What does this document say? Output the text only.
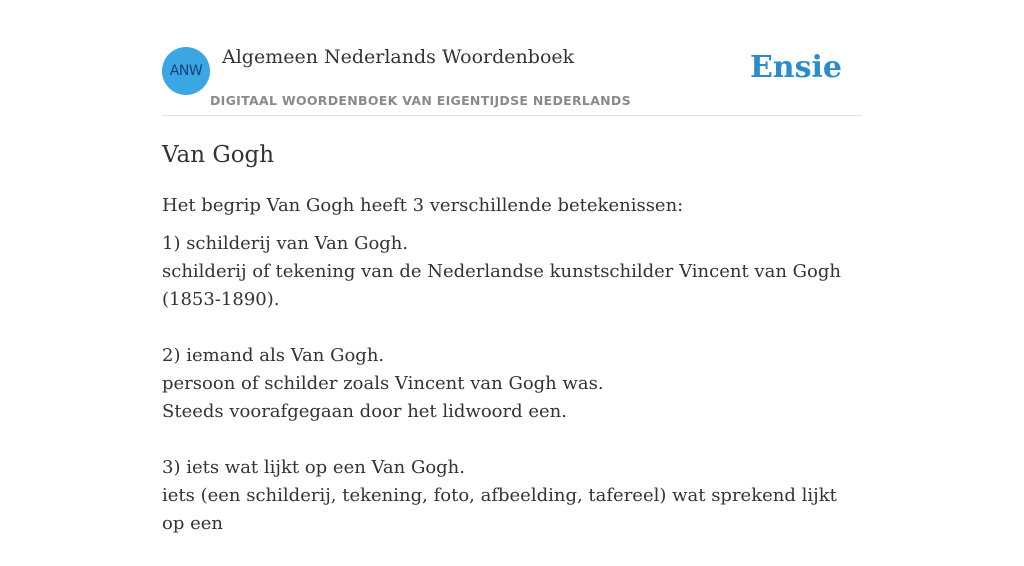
ANW
Algemeen Nederlands Woordenboek
DIGITAAL WOORDENBOEK VAN EIGENTIJDSE NEDERLANDS
Ensie
Van Gogh

Het begrip Van Gogh heeft 3 verschillende betekenissen:

1) schilderij van Van Gogh.
schilderij of tekening van de Nederlandse kunstschilder Vincent van Gogh (1853-1890).
2) iemand als Van Gogh.
persoon of schilder zoals Vincent van Gogh was.
Steeds voorafgegaan door het lidwoord een.
3) iets wat lijkt op een Van Gogh.
iets (een schilderij, tekening, foto, afbeelding, tafereel) wat sprekend lijkt op een
